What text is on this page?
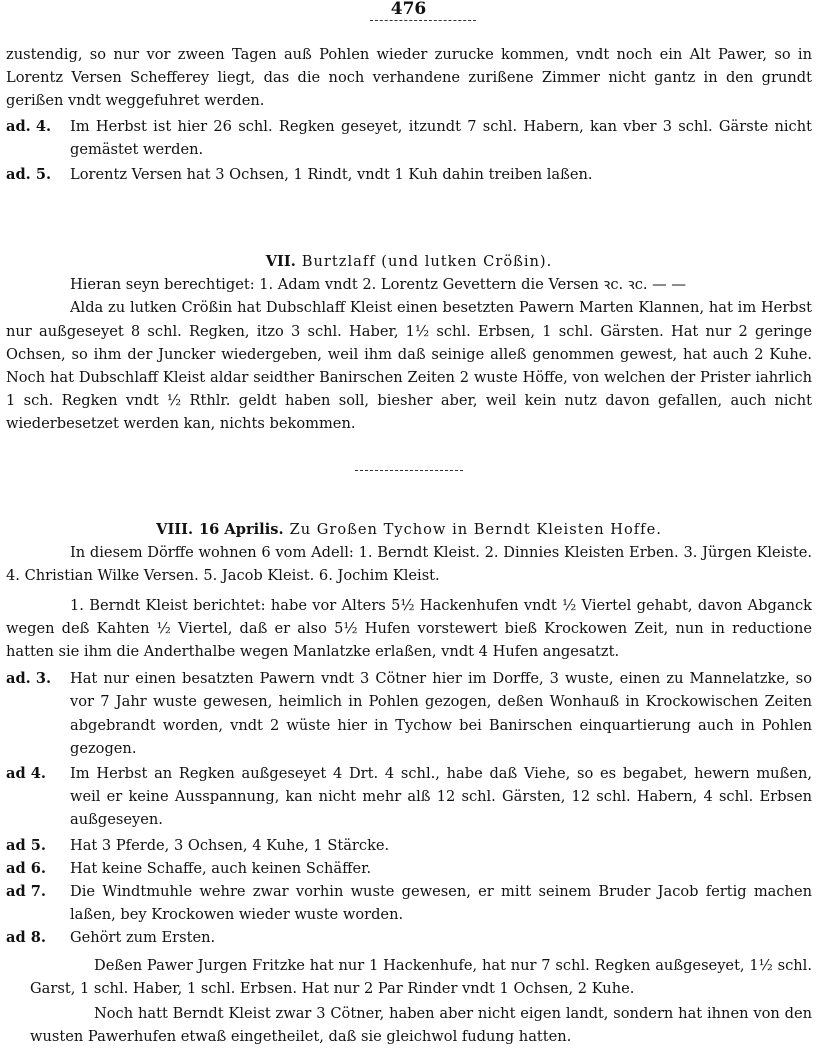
476

zustendig, so nur vor zween Tagen auß Pohlen wieder zurucke kommen, vndt noch ein Alt Pawer, so in Lorentz Versen Schefferey liegt, das die noch verhandene zurißene Zimmer nicht gantz in den grundt gerißen vndt weggefuhret werden.

ad. 4.	Im Herbst ist hier 26 schl. Regken geseyet, itzundt 7 schl. Habern, kan vber 3 schl. Gärste nicht gemästet werden.
ad. 5.	Lorentz Versen hat 3 Ochsen, 1 Rindt, vndt 1 Kuh dahin treiben laßen.

VII. Burtzlaff (und lutken Crößin).

Hieran seyn berechtiget: 1. Adam vndt 2. Lorentz Gevettern die Versen ꝛc. ꝛc. — —

Alda zu lutken Crößin hat Dubschlaff Kleist einen besetzten Pawern Marten Klannen, hat im Herbst nur außgeseyet 8 schl. Regken, itzo 3 schl. Haber, 1½ schl. Erbsen, 1 schl. Gärsten. Hat nur 2 geringe Ochsen, so ihm der Juncker wiedergeben, weil ihm daß seinige alleß genommen gewest, hat auch 2 Kuhe. Noch hat Dubschlaff Kleist aldar seidther Banirschen Zeiten 2 wuste Höffe, von welchen der Prister iahrlich 1 sch. Regken vndt ½ Rthlr. geldt haben soll, biesher aber, weil kein nutz davon gefallen, auch nicht wiederbesetzet werden kan, nichts bekommen.

VIII. 16 Aprilis. Zu Großen Tychow in Berndt Kleisten Hoffe.

In diesem Dörffe wohnen 6 vom Adell: 1. Berndt Kleist. 2. Dinnies Kleisten Erben. 3. Jürgen Kleiste. 4. Christian Wilke Versen. 5. Jacob Kleist. 6. Jochim Kleist.

1. Berndt Kleist berichtet: habe vor Alters 5½ Hackenhufen vndt ½ Viertel gehabt, davon Abganck wegen deß Kahten ½ Viertel, daß er also 5½ Hufen vorstewert bieß Krockowen Zeit, nun in reductione hatten sie ihm die Anderthalbe wegen Manlatzke erlaßen, vndt 4 Hufen angesatzt.

ad. 3.	Hat nur einen besatzten Pawern vndt 3 Cötner hier im Dorffe, 3 wuste, einen zu Mannelatzke, so vor 7 Jahr wuste gewesen, heimlich in Pohlen gezogen, deßen Wonhauß in Krockowischen Zeiten abgebrandt worden, vndt 2 wüste hier in Tychow bei Banirschen einquartierung auch in Pohlen gezogen.
ad 4.	Im Herbst an Regken außgeseyet 4 Drt. 4 schl., habe daß Viehe, so es begabet, hewern mußen, weil er keine Ausspannung, kan nicht mehr alß 12 schl. Gärsten, 12 schl. Habern, 4 schl. Erbsen außgeseyen.
ad 5.	Hat 3 Pferde, 3 Ochsen, 4 Kuhe, 1 Stärcke.
ad 6.	Hat keine Schaffe, auch keinen Schäffer.
ad 7.	Die Windtmuhle wehre zwar vorhin wuste gewesen, er mitt seinem Bruder Jacob fertig machen laßen, bey Krockowen wieder wuste worden.
ad 8.	Gehört zum Ersten.

Deßen Pawer Jurgen Fritzke hat nur 1 Hackenhufe, hat nur 7 schl. Regken außgeseyet, 1½ schl. Garst, 1 schl. Haber, 1 schl. Erbsen. Hat nur 2 Par Rinder vndt 1 Ochsen, 2 Kuhe.

Noch hatt Berndt Kleist zwar 3 Cötner, haben aber nicht eigen landt, sondern hat ihnen von den wusten Pawerhufen etwaß eingetheilet, daß sie gleichwol fudung hatten.
